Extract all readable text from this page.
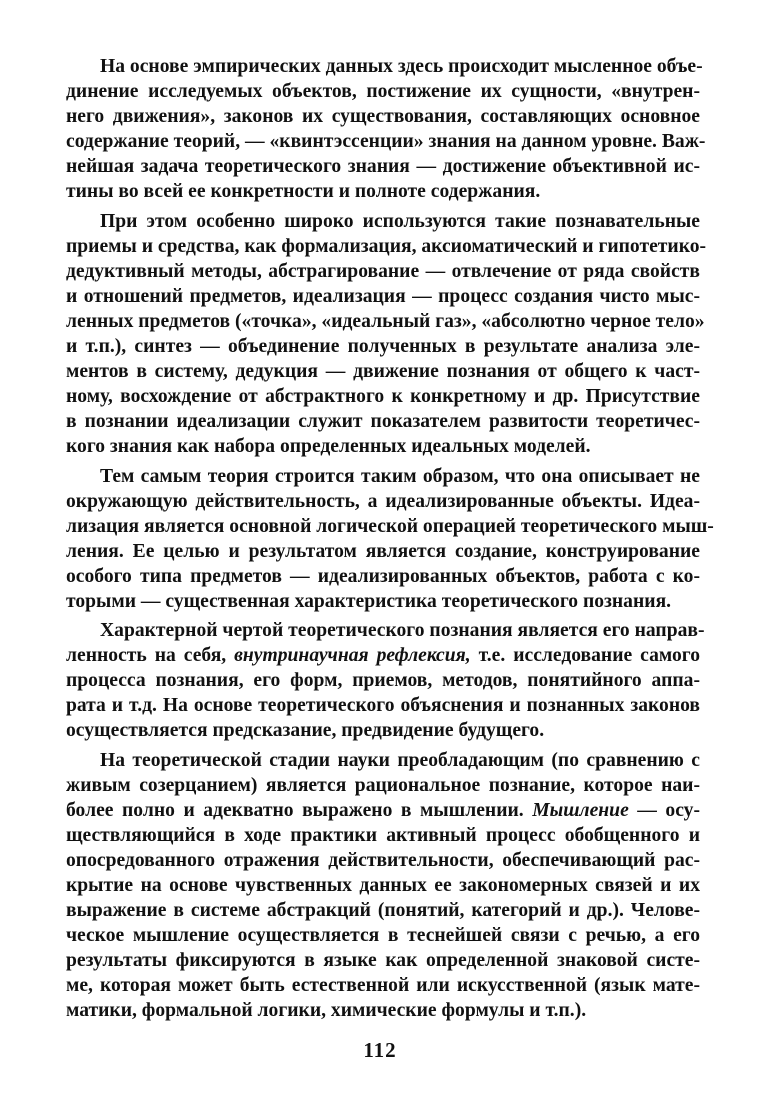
На основе эмпирических данных здесь происходит мысленное объе-
динение исследуемых объектов, постижение их сущности, «внутрен-
него движения», законов их существования, составляющих основное
содержание теорий, — «квинтэссенции» знания на данном уровне. Важ-
нейшая задача теоретического знания — достижение объективной ис-
тины во всей ее конкретности и полноте содержания.
При этом особенно широко используются такие познавательные
приемы и средства, как формализация, аксиоматический и гипотетико-
дедуктивный методы, абстрагирование — отвлечение от ряда свойств
и отношений предметов, идеализация — процесс создания чисто мыс-
ленных предметов («точка», «идеальный газ», «абсолютно черное тело»
и т.п.), синтез — объединение полученных в результате анализа эле-
ментов в систему, дедукция — движение познания от общего к част-
ному, восхождение от абстрактного к конкретному и др. Присутствие
в познании идеализации служит показателем развитости теоретичес-
кого знания как набора определенных идеальных моделей.
Тем самым теория строится таким образом, что она описывает не
окружающую действительность, а идеализированные объекты. Идеа-
лизация является основной логической операцией теоретического мыш-
ления. Ее целью и результатом является создание, конструирование
особого типа предметов — идеализированных объектов, работа с ко-
торыми — существенная характеристика теоретического познания.
Характерной чертой теоретического познания является его направ-
ленность на себя, внутринаучная рефлексия, т.е. исследование самого
процесса познания, его форм, приемов, методов, понятийного аппа-
рата и т.д. На основе теоретического объяснения и познанных законов
осуществляется предсказание, предвидение будущего.
На теоретической стадии науки преобладающим (по сравнению с
живым созерцанием) является рациональное познание, которое наи-
более полно и адекватно выражено в мышлении. Мышление — осу-
ществляющийся в ходе практики активный процесс обобщенного и
опосредованного отражения действительности, обеспечивающий рас-
крытие на основе чувственных данных ее закономерных связей и их
выражение в системе абстракций (понятий, категорий и др.). Челове-
ческое мышление осуществляется в теснейшей связи с речью, а его
результаты фиксируются в языке как определенной знаковой систе-
ме, которая может быть естественной или искусственной (язык мате-
матики, формальной логики, химические формулы и т.п.).
112
